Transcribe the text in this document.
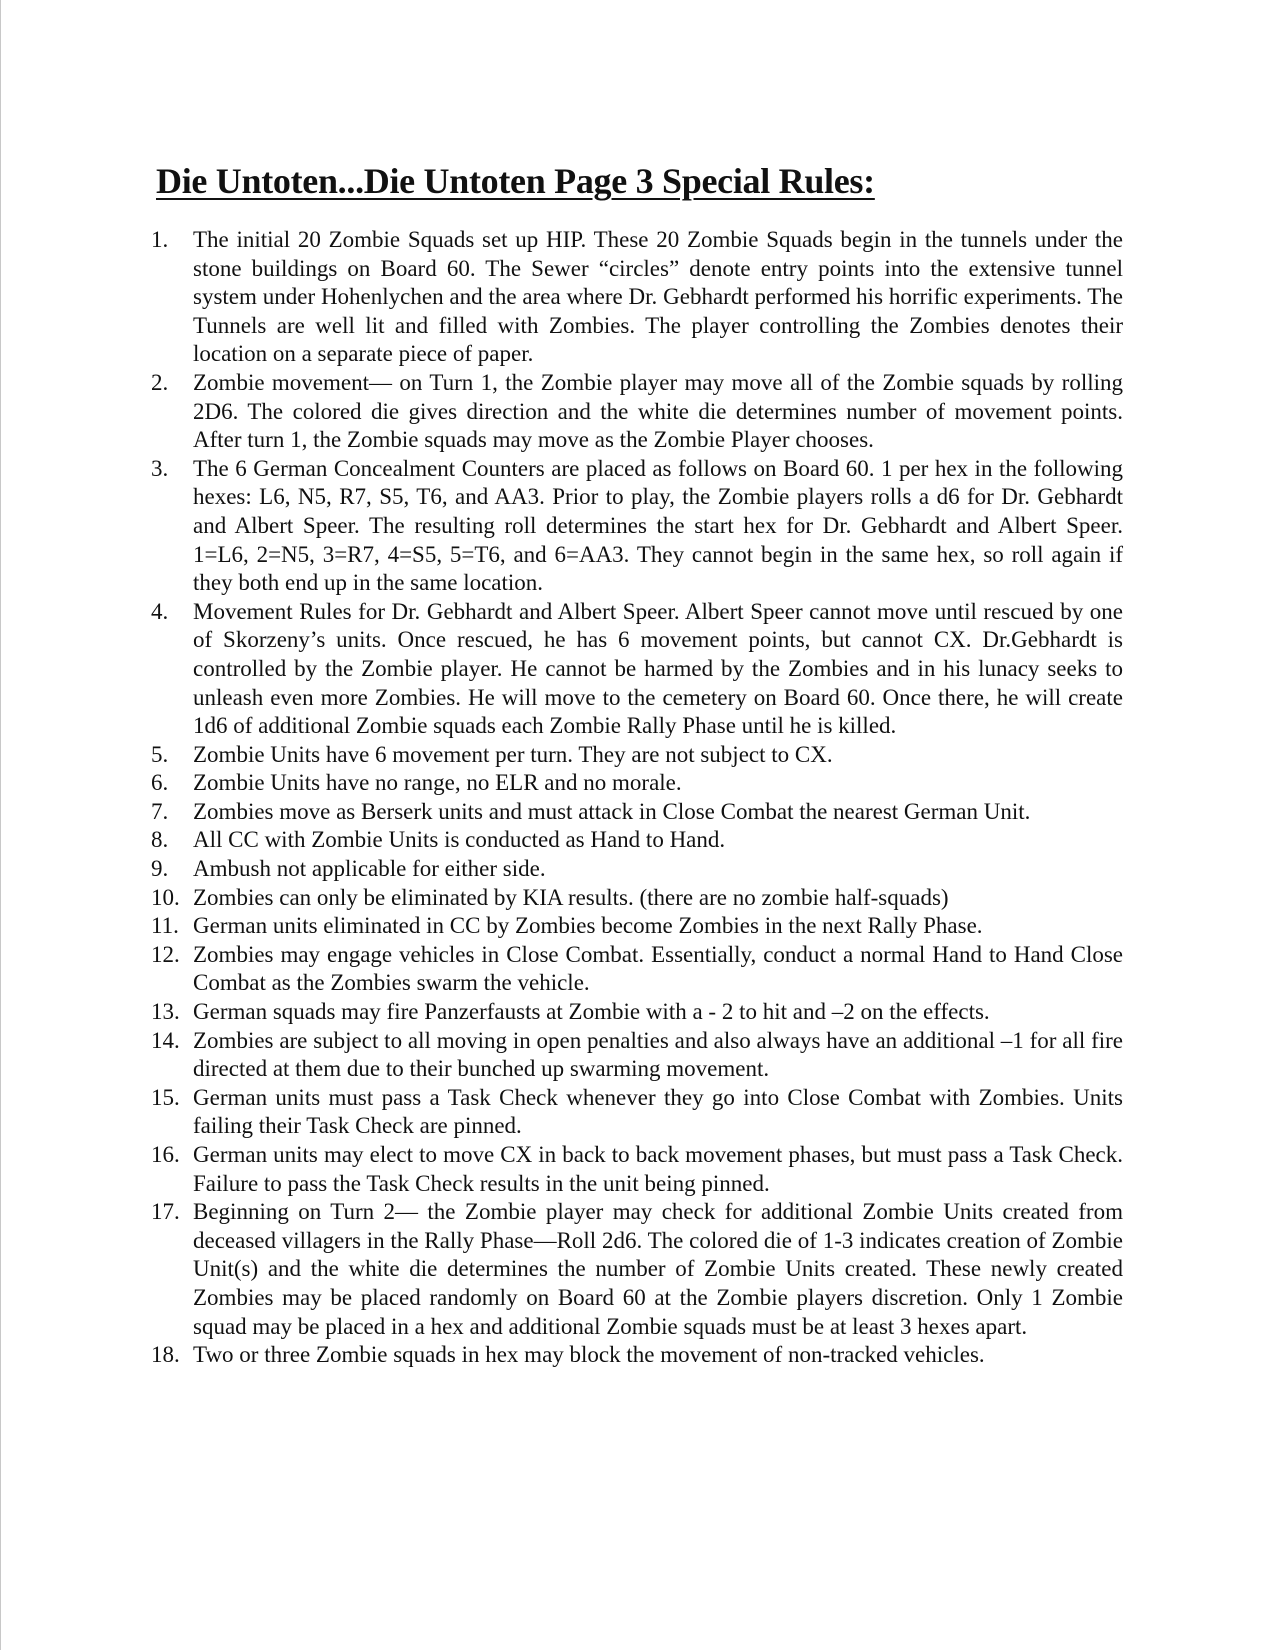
Die Untoten...Die Untoten Page 3 Special Rules:
1.	The initial 20 Zombie Squads set up HIP. These 20 Zombie Squads begin in the tunnels under the stone buildings on Board 60. The Sewer “circles” denote entry points into the extensive tunnel system under Hohenlychen and the area where Dr. Gebhardt performed his horrific experiments. The Tunnels are well lit and filled with Zombies. The player controlling the Zombies denotes their location on a separate piece of paper.
2.	Zombie movement— on Turn 1, the Zombie player may move all of the Zombie squads by rolling 2D6. The colored die gives direction and the white die determines number of movement points. After turn 1, the Zombie squads may move as the Zombie Player chooses.
3.	The 6 German Concealment Counters are placed as follows on Board 60. 1 per hex in the following hexes: L6, N5, R7, S5, T6, and AA3. Prior to play, the Zombie players rolls a d6 for Dr. Gebhardt and Albert Speer. The resulting roll determines the start hex for Dr. Gebhardt and Albert Speer. 1=L6, 2=N5, 3=R7, 4=S5, 5=T6, and 6=AA3. They cannot begin in the same hex, so roll again if they both end up in the same location.
4.	Movement Rules for Dr. Gebhardt and Albert Speer. Albert Speer cannot move until rescued by one of Skorzeny’s units. Once rescued, he has 6 movement points, but cannot CX. Dr.Gebhardt is controlled by the Zombie player. He cannot be harmed by the Zombies and in his lunacy seeks to unleash even more Zombies. He will move to the cemetery on Board 60. Once there, he will create 1d6 of additional Zombie squads each Zombie Rally Phase until he is killed.
5.	Zombie Units have 6 movement per turn. They are not subject to CX.
6.	Zombie Units have no range, no ELR and no morale.
7.	Zombies move as Berserk units and must attack in Close Combat the nearest German Unit.
8.	All CC with Zombie Units is conducted as Hand to Hand.
9.	Ambush not applicable for either side.
10. Zombies can only be eliminated by KIA results. (there are no zombie half-squads)
11. German units eliminated in CC by Zombies become Zombies in the next Rally Phase.
12. Zombies may engage vehicles in Close Combat. Essentially, conduct a normal Hand to Hand Close Combat as the Zombies swarm the vehicle.
13. German squads may fire Panzerfausts at Zombie with a - 2 to hit and –2 on the effects.
14. Zombies are subject to all moving in open penalties and also always have an additional –1 for all fire directed at them due to their bunched up swarming movement.
15. German units must pass a Task Check whenever they go into Close Combat with Zombies. Units failing their Task Check are pinned.
16. German units may elect to move CX in back to back movement phases, but must pass a Task Check. Failure to pass the Task Check results in the unit being pinned.
17. Beginning on Turn 2— the Zombie player may check for additional Zombie Units created from deceased villagers in the Rally Phase—Roll 2d6. The colored die of 1-3 indicates creation of Zombie Unit(s) and the white die determines the number of Zombie Units created. These newly created Zombies may be placed randomly on Board 60 at the Zombie players discretion. Only 1 Zombie squad may be placed in a hex and additional Zombie squads must be at least 3 hexes apart.
18. Two or three Zombie squads in hex may block the movement of non-tracked vehicles.
